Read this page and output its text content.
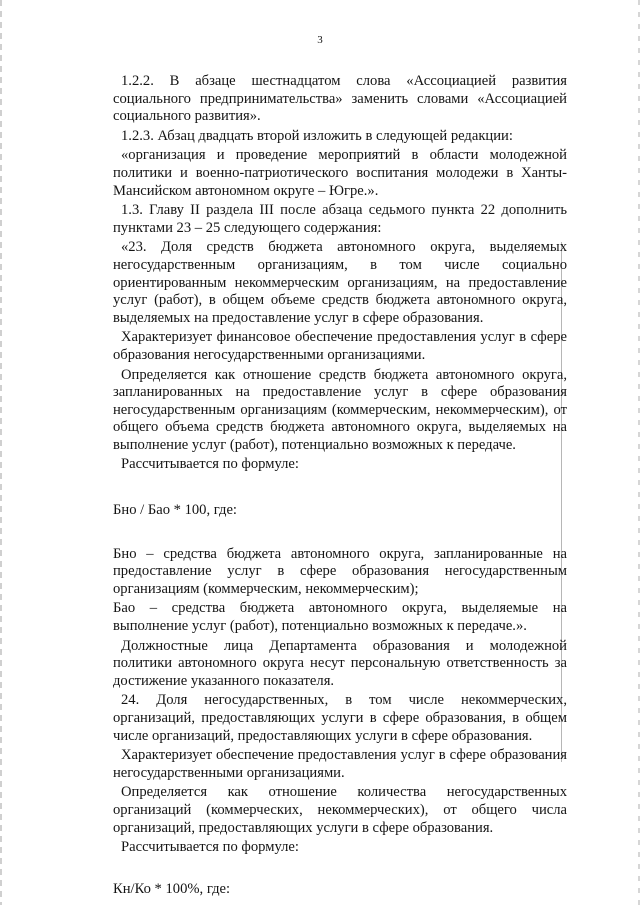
3

1.2.2. В абзаце шестнадцатом слова «Ассоциацией развития социального предпринимательства» заменить словами «Ассоциацией социального развития».

1.2.3. Абзац двадцать второй изложить в следующей редакции:

«организация и проведение мероприятий в области молодежной политики и военно-патриотического воспитания молодежи в Ханты-Мансийском автономном округе – Югре.».

1.3. Главу II раздела III после абзаца седьмого пункта 22 дополнить пунктами 23 – 25 следующего содержания:

«23. Доля средств бюджета автономного округа, выделяемых негосударственным организациям, в том числе социально ориентированным некоммерческим организациям, на предоставление услуг (работ), в общем объеме средств бюджета автономного округа, выделяемых на предоставление услуг в сфере образования.

Характеризует финансовое обеспечение предоставления услуг в сфере образования негосударственными организациями.

Определяется как отношение средств бюджета автономного округа, запланированных на предоставление услуг в сфере образования негосударственным организациям (коммерческим, некоммерческим), от общего объема средств бюджета автономного округа, выделяемых на выполнение услуг (работ), потенциально возможных к передаче.

Рассчитывается по формуле:

Бно / Бао * 100, где:

Бно – средства бюджета автономного округа, запланированные на предоставление услуг в сфере образования негосударственным организациям (коммерческим, некоммерческим);

Бао – средства бюджета автономного округа, выделяемые на выполнение услуг (работ), потенциально возможных к передаче.».

Должностные лица Департамента образования и молодежной политики автономного округа несут персональную ответственность за достижение указанного показателя.

24. Доля негосударственных, в том числе некоммерческих, организаций, предоставляющих услуги в сфере образования, в общем числе организаций, предоставляющих услуги в сфере образования.

Характеризует обеспечение предоставления услуг в сфере образования негосударственными организациями.

Определяется как отношение количества негосударственных организаций (коммерческих, некоммерческих), от общего числа организаций, предоставляющих услуги в сфере образования.

Рассчитывается по формуле:

Кн/Ко * 100%, где:
